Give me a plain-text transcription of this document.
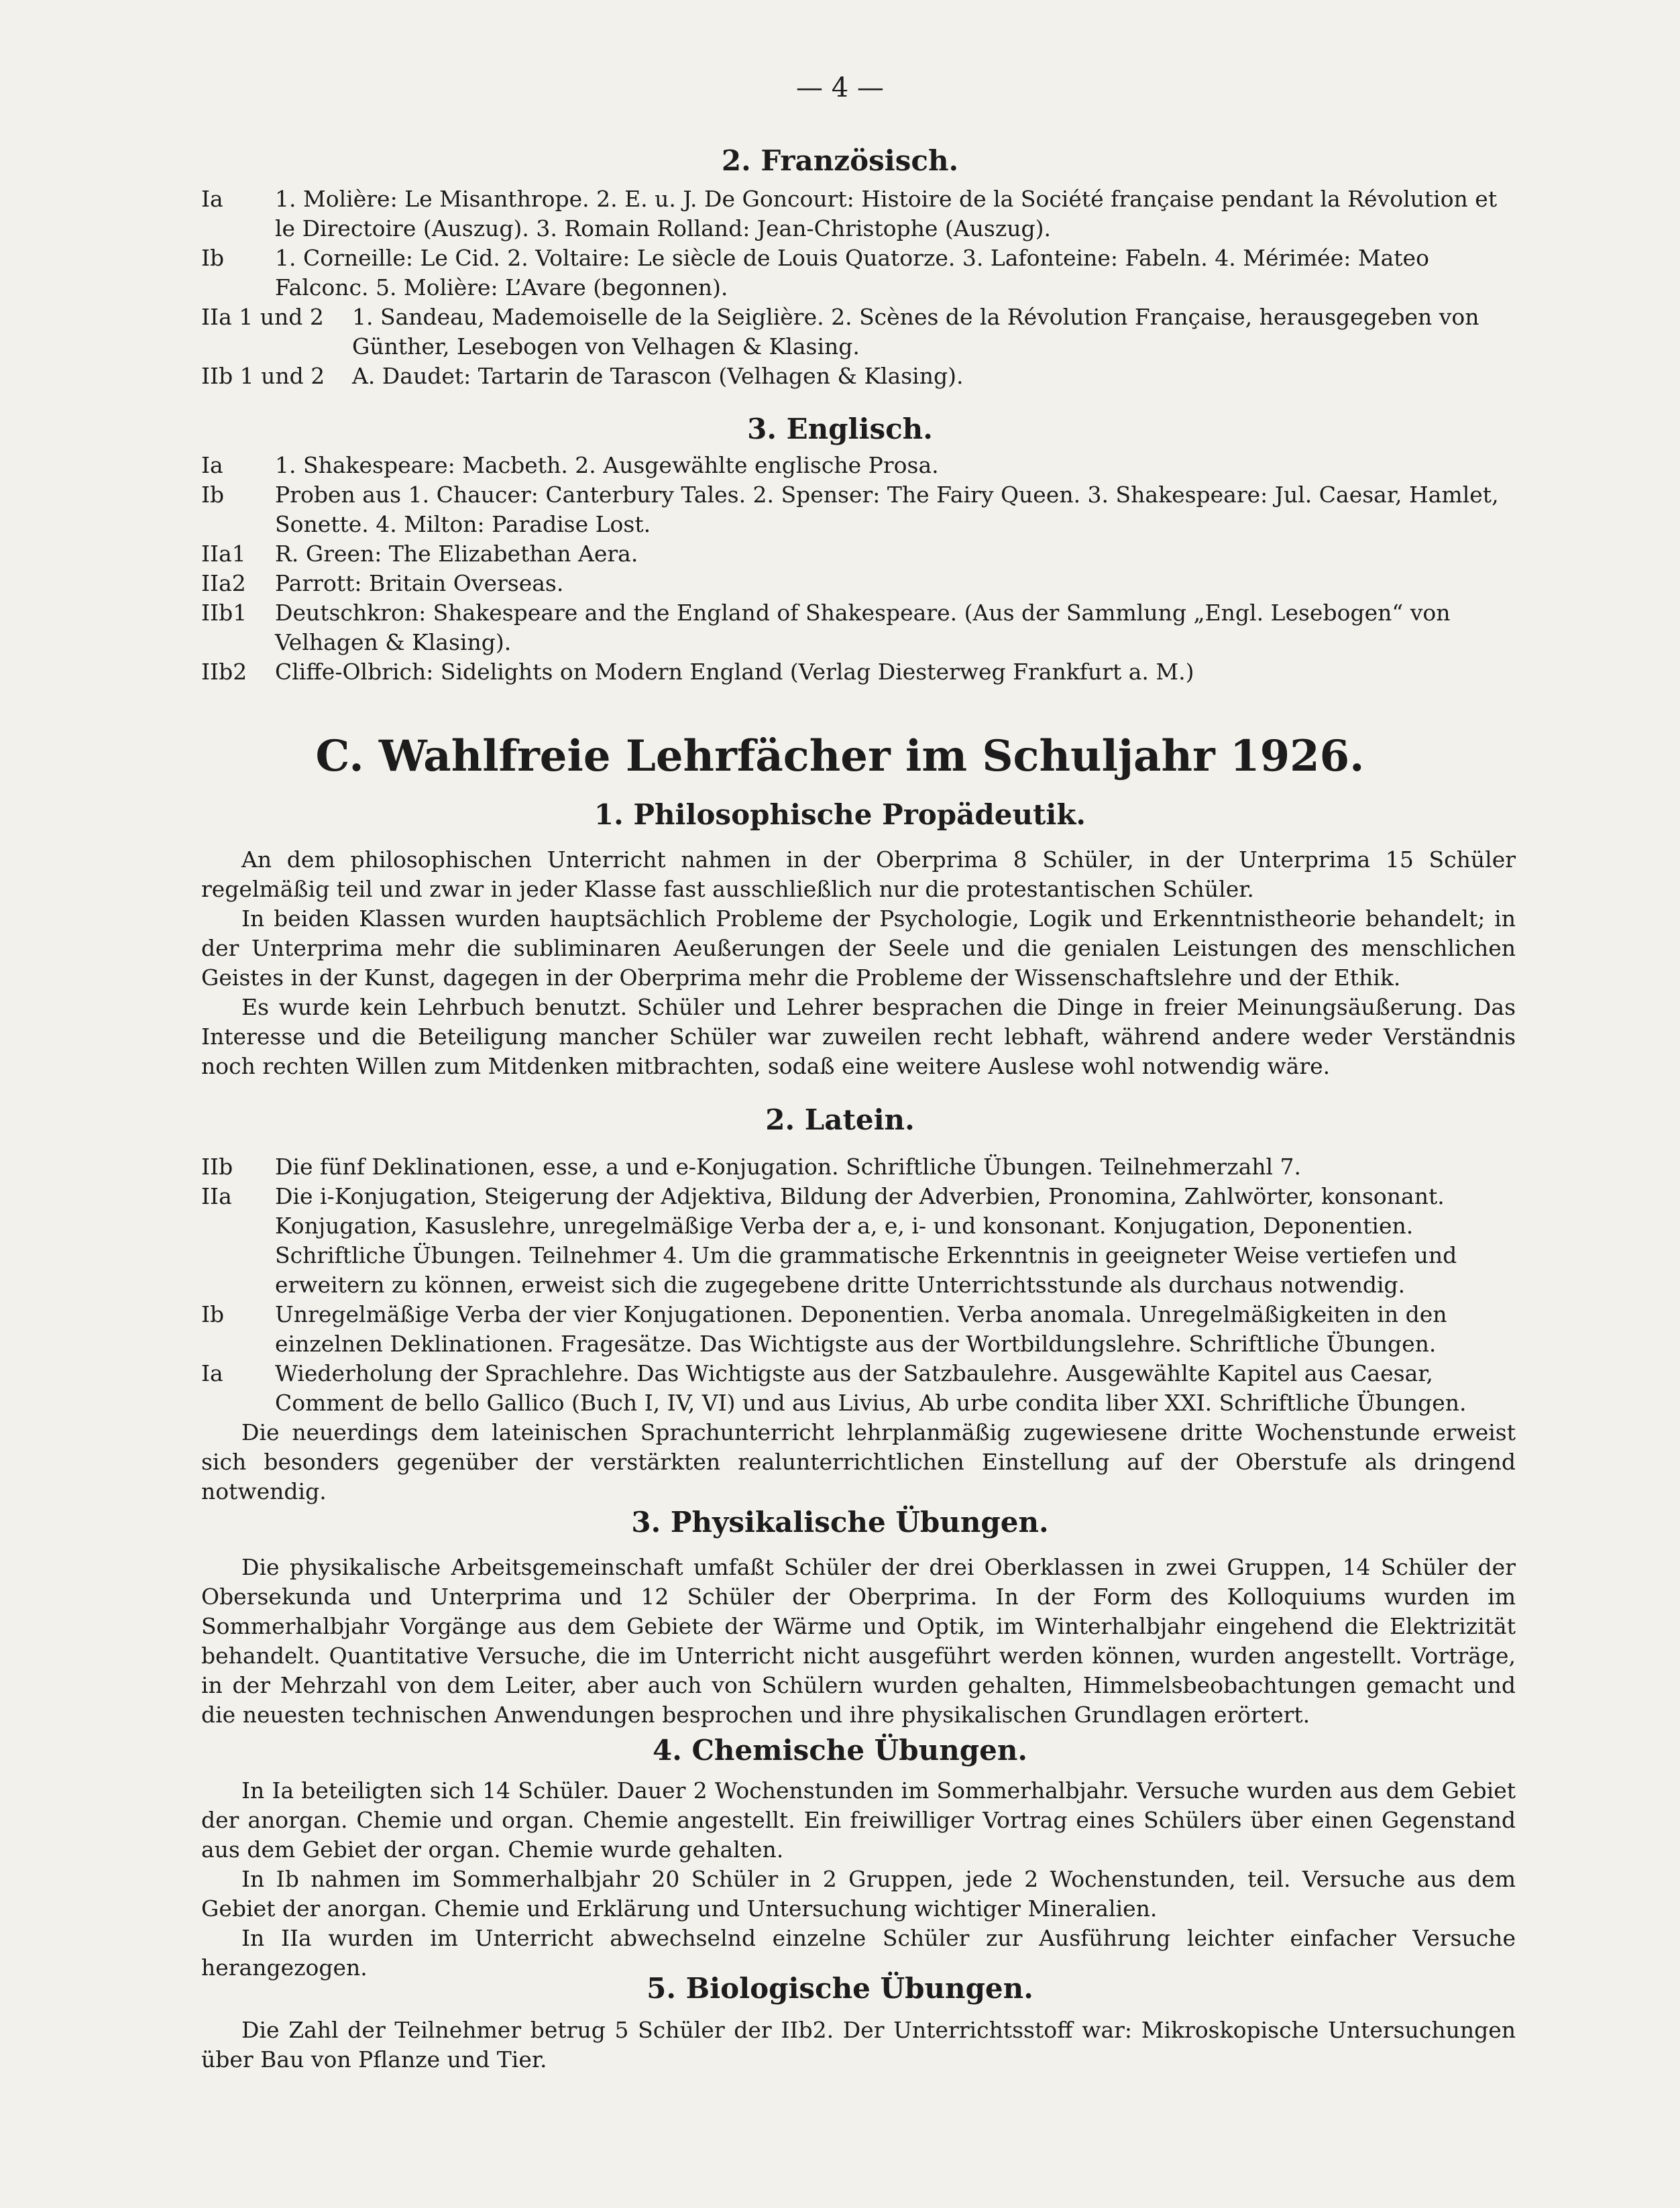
— 4 —
2. Französisch.
Ia 1. Molière: Le Misanthrope. 2. E. u. J. De Goncourt: Histoire de la Société française pendant la Révolution et le Directoire (Auszug). 3. Romain Rolland: Jean-Christophe (Auszug).
Ib 1. Corneille: Le Cid. 2. Voltaire: Le siècle de Louis Quatorze. 3. Lafonteine: Fabeln. 4. Mérimée: Mateo Falconc. 5. Molière: L’Avare (begonnen).
IIa 1 und 2 1. Sandeau, Mademoiselle de la Seiglière. 2. Scènes de la Révolution Française, herausgegeben von Günther, Lesebogen von Velhagen & Klasing.
IIb 1 und 2 A. Daudet: Tartarin de Tarascon (Velhagen & Klasing).
3. Englisch.
Ia 1. Shakespeare: Macbeth. 2. Ausgewählte englische Prosa.
Ib Proben aus 1. Chaucer: Canterbury Tales. 2. Spenser: The Fairy Queen. 3. Shakespeare: Jul. Caesar, Hamlet, Sonette. 4. Milton: Paradise Lost.
IIa1 R. Green: The Elizabethan Aera.
IIa2 Parrott: Britain Overseas.
IIb1 Deutschkron: Shakespeare and the England of Shakespeare. (Aus der Sammlung „Engl. Lesebogen“ von Velhagen & Klasing).
IIb2 Cliffe-Olbrich: Sidelights on Modern England (Verlag Diesterweg Frankfurt a. M.)
C. Wahlfreie Lehrfächer im Schuljahr 1926.
1. Philosophische Propädeutik.
An dem philosophischen Unterricht nahmen in der Oberprima 8 Schüler, in der Unterprima 15 Schüler regelmäßig teil und zwar in jeder Klasse fast ausschließlich nur die protestantischen Schüler.
In beiden Klassen wurden hauptsächlich Probleme der Psychologie, Logik und Erkenntnistheorie behandelt; in der Unterprima mehr die subliminaren Aeußerungen der Seele und die genialen Leistungen des menschlichen Geistes in der Kunst, dagegen in der Oberprima mehr die Probleme der Wissenschaftslehre und der Ethik.
Es wurde kein Lehrbuch benutzt. Schüler und Lehrer besprachen die Dinge in freier Meinungsäußerung. Das Interesse und die Beteiligung mancher Schüler war zuweilen recht lebhaft, während andere weder Verständnis noch rechten Willen zum Mitdenken mitbrachten, sodaß eine weitere Auslese wohl notwendig wäre.
2. Latein.
IIb Die fünf Deklinationen, esse, a und e-Konjugation. Schriftliche Übungen. Teilnehmerzahl 7.
IIa Die i-Konjugation, Steigerung der Adjektiva, Bildung der Adverbien, Pronomina, Zahlwörter, konsonant. Konjugation, Kasuslehre, unregelmäßige Verba der a, e, i- und konsonant. Konjugation, Deponentien. Schriftliche Übungen. Teilnehmer 4. Um die grammatische Erkenntnis in geeigneter Weise vertiefen und erweitern zu können, erweist sich die zugegebene dritte Unterrichtsstunde als durchaus notwendig.
Ib Unregelmäßige Verba der vier Konjugationen. Deponentien. Verba anomala. Unregelmäßigkeiten in den einzelnen Deklinationen. Fragesätze. Das Wichtigste aus der Wortbildungslehre. Schriftliche Übungen.
Ia Wiederholung der Sprachlehre. Das Wichtigste aus der Satzbaulehre. Ausgewählte Kapitel aus Caesar, Comment de bello Gallico (Buch I, IV, VI) und aus Livius, Ab urbe condita liber XXI. Schriftliche Übungen.
Die neuerdings dem lateinischen Sprachunterricht lehrplanmäßig zugewiesene dritte Wochenstunde erweist sich besonders gegenüber der verstärkten realunterrichtlichen Einstellung auf der Oberstufe als dringend notwendig.
3. Physikalische Übungen.
Die physikalische Arbeitsgemeinschaft umfaßt Schüler der drei Oberklassen in zwei Gruppen, 14 Schüler der Obersekunda und Unterprima und 12 Schüler der Oberprima. In der Form des Kolloquiums wurden im Sommerhalbjahr Vorgänge aus dem Gebiete der Wärme und Optik, im Winterhalbjahr eingehend die Elektrizität behandelt. Quantitative Versuche, die im Unterricht nicht ausgeführt werden können, wurden angestellt. Vorträge, in der Mehrzahl von dem Leiter, aber auch von Schülern wurden gehalten, Himmelsbeobachtungen gemacht und die neuesten technischen Anwendungen besprochen und ihre physikalischen Grundlagen erörtert.
4. Chemische Übungen.
In Ia beteiligten sich 14 Schüler. Dauer 2 Wochenstunden im Sommerhalbjahr. Versuche wurden aus dem Gebiet der anorgan. Chemie und organ. Chemie angestellt. Ein freiwilliger Vortrag eines Schülers über einen Gegenstand aus dem Gebiet der organ. Chemie wurde gehalten.
In Ib nahmen im Sommerhalbjahr 20 Schüler in 2 Gruppen, jede 2 Wochenstunden, teil. Versuche aus dem Gebiet der anorgan. Chemie und Erklärung und Untersuchung wichtiger Mineralien.
In IIa wurden im Unterricht abwechselnd einzelne Schüler zur Ausführung leichter einfacher Versuche herangezogen.
5. Biologische Übungen.
Die Zahl der Teilnehmer betrug 5 Schüler der IIb2. Der Unterrichtsstoff war: Mikroskopische Untersuchungen über Bau von Pflanze und Tier.
